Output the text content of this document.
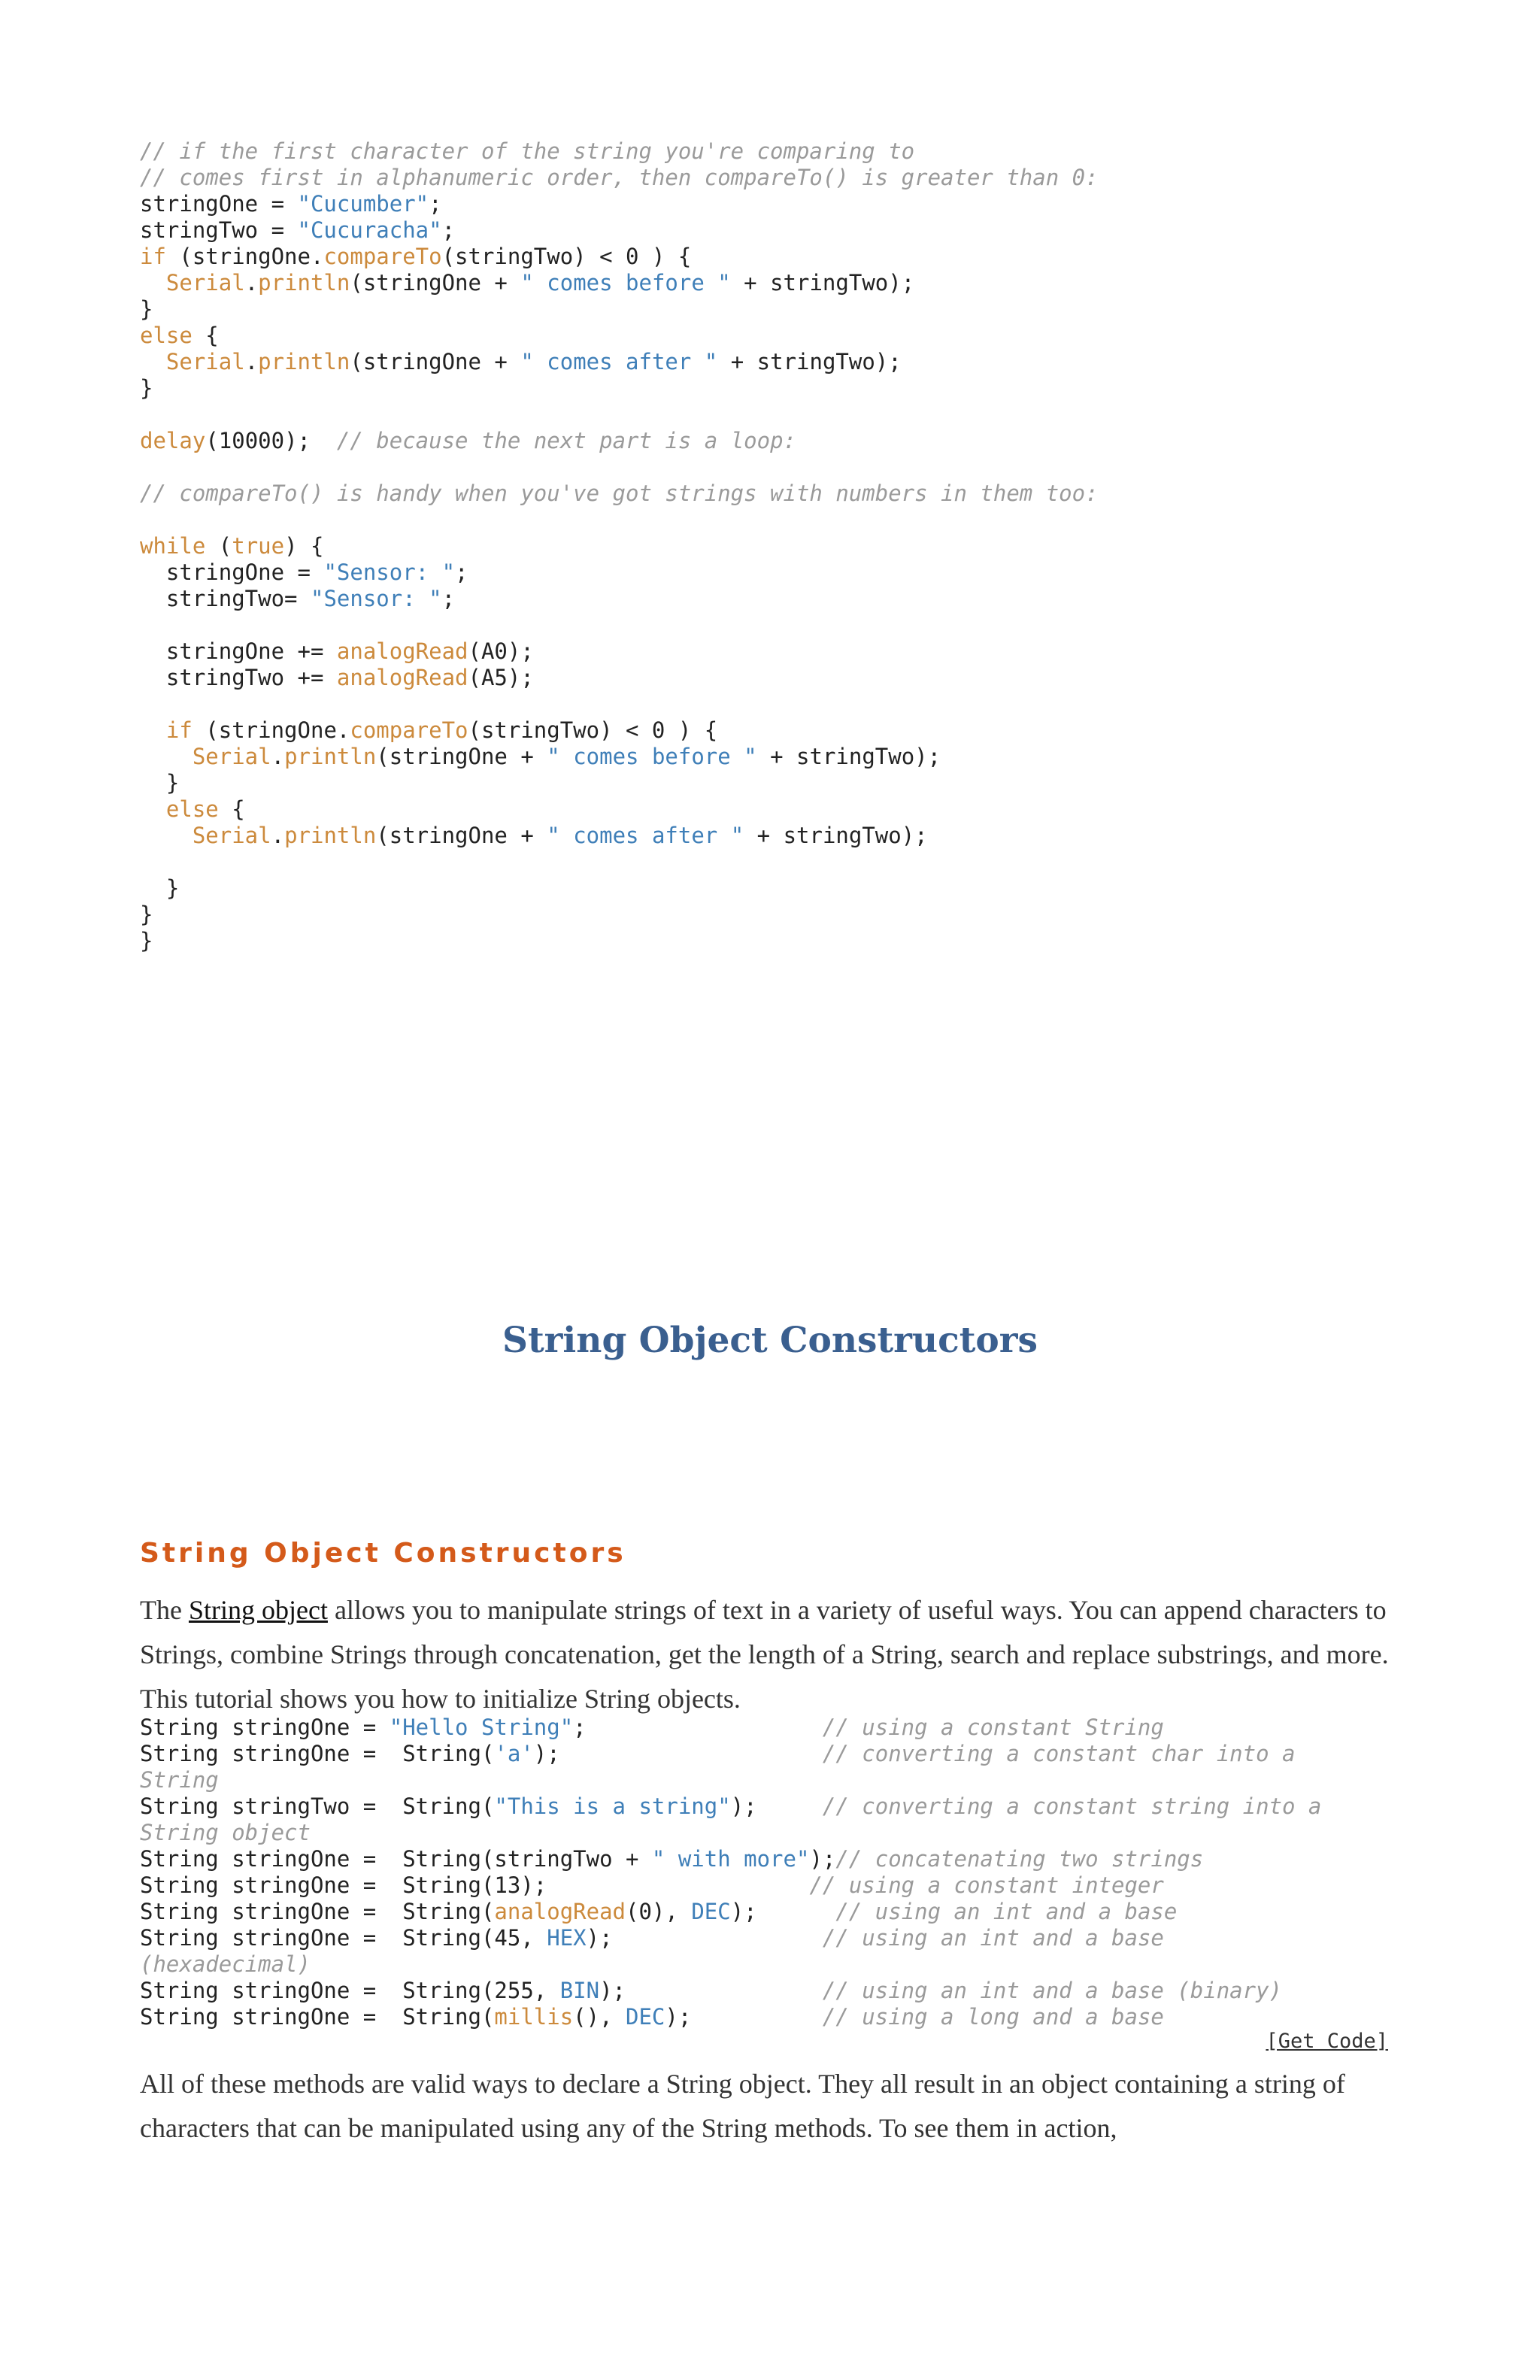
// if the first character of the string you're comparing to
// comes first in alphanumeric order, then compareTo() is greater than 0:
stringOne = "Cucumber";
stringTwo = "Cucuracha";
if (stringOne.compareTo(stringTwo) < 0 ) {
Serial.println(stringOne + " comes before " + stringTwo);
}
else {
Serial.println(stringOne + " comes after " + stringTwo);
}

delay(10000);  // because the next part is a loop:

// compareTo() is handy when you've got strings with numbers in them too:

while (true) {
stringOne = "Sensor: ";
stringTwo= "Sensor: ";

stringOne += analogRead(A0);
stringTwo += analogRead(A5);

if (stringOne.compareTo(stringTwo) < 0 ) {
Serial.println(stringOne + " comes before " + stringTwo);
}
else {
Serial.println(stringOne + " comes after " + stringTwo);

}
}
}
String Object Constructors
String Object Constructors

The String object allows you to manipulate strings of text in a variety of useful ways. You can append characters to Strings, combine Strings through concatenation, get the length of a String, search and replace substrings, and more. This tutorial shows you how to initialize String objects.

String stringOne = "Hello String";                  // using a constant String
String stringOne =  String('a');                    // converting a constant char into a
String
String stringTwo =  String("This is a string");     // converting a constant string into a
String object
String stringOne =  String(stringTwo + " with more");// concatenating two strings
String stringOne =  String(13);                    // using a constant integer
String stringOne =  String(analogRead(0), DEC);      // using an int and a base
String stringOne =  String(45, HEX);                // using an int and a base
(hexadecimal)
String stringOne =  String(255, BIN);               // using an int and a base (binary)
String stringOne =  String(millis(), DEC);          // using a long and a base
[Get Code]

All of these methods are valid ways to declare a String object. They all result in an object containing a string of characters that can be manipulated using any of the String methods. To see them in action,
